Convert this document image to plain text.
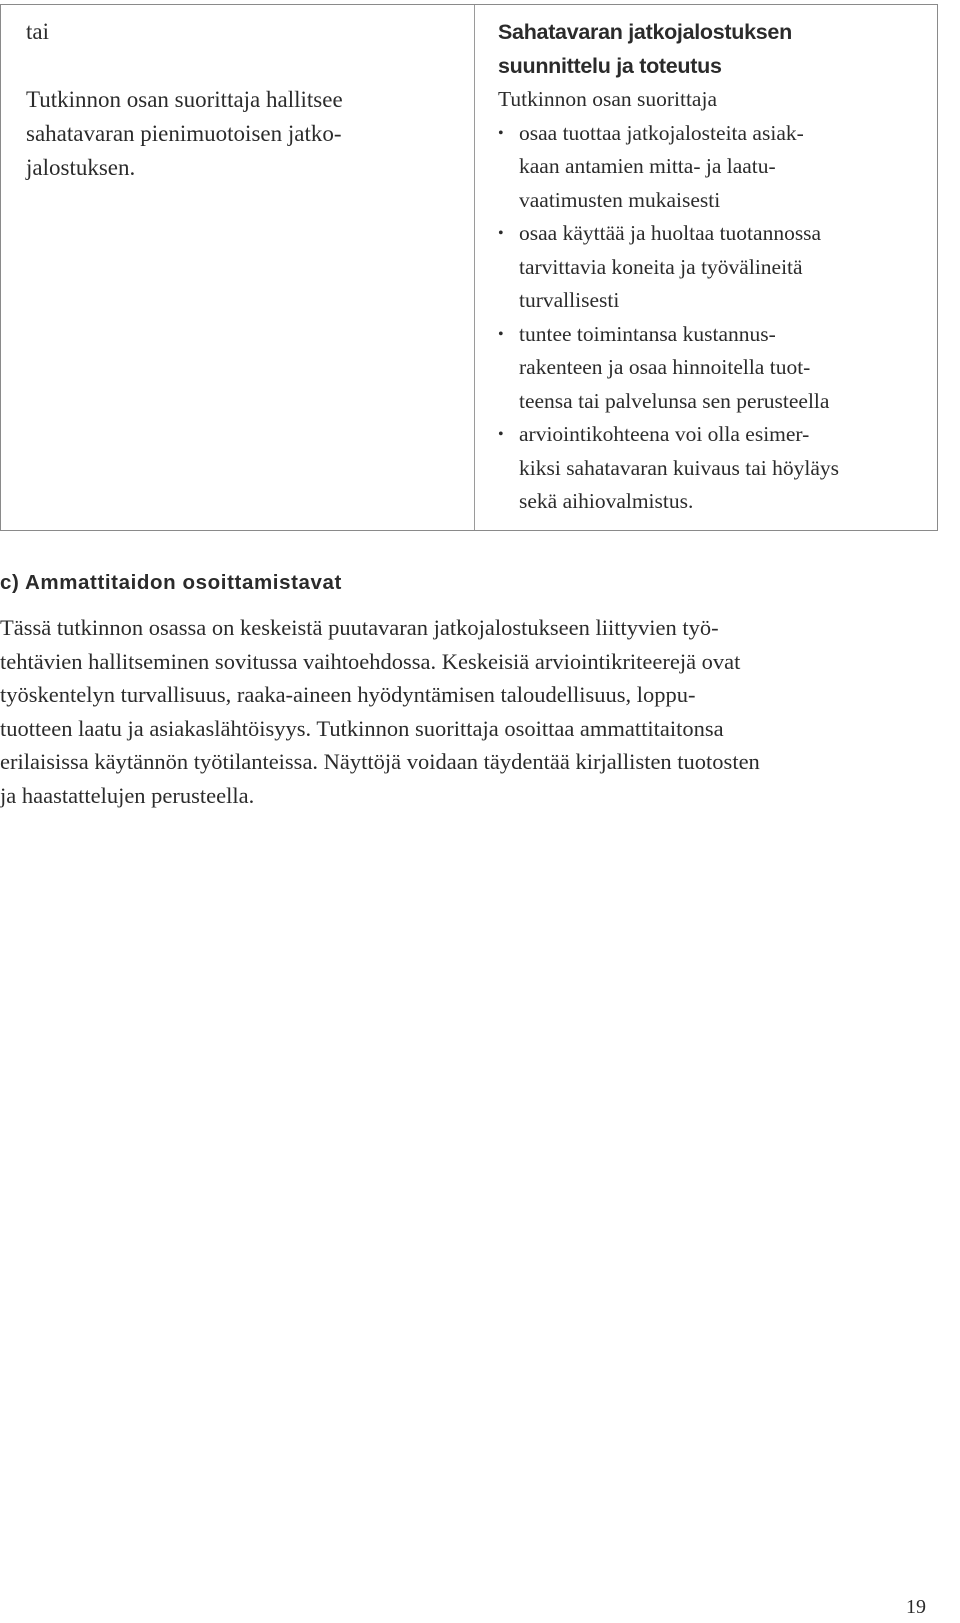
tai
Tutkinnon osan suorittaja hallitsee
sahatavaran pienimuotoisen jatko-
jalostuksen.
Sahatavaran jatkojalostuksen
suunnittelu ja toteutus
Tutkinnon osan suorittaja
• osaa tuottaa jatkojalosteita asiak-
kaan antamien mitta- ja laatu-
vaatimusten mukaisesti
• osaa käyttää ja huoltaa tuotannossa
tarvittavia koneita ja työvälineitä
turvallisesti
• tuntee toimintansa kustannus-
rakenteen ja osaa hinnoitella tuot-
teensa tai palvelunsa sen perusteella
• arviointikohteena voi olla esimer-
kiksi sahatavaran kuivaus tai höyläys
sekä aihiovalmistus.
c) Ammattitaidon osoittamistavat
Tässä tutkinnon osassa on keskeistä puutavaran jatkojalostukseen liittyvien työ-
tehtävien hallitseminen sovitussa vaihtoehdossa. Keskeisiä arviointikriteerejä ovat
työskentelyn turvallisuus, raaka-aineen hyödyntämisen taloudellisuus, loppu-
tuotteen laatu ja asiakaslähtöisyys. Tutkinnon suorittaja osoittaa ammattitaitonsa
erilaisissa käytännön työtilanteissa. Näyttöjä voidaan täydentää kirjallisten tuotosten
ja haastattelujen perusteella.
19
